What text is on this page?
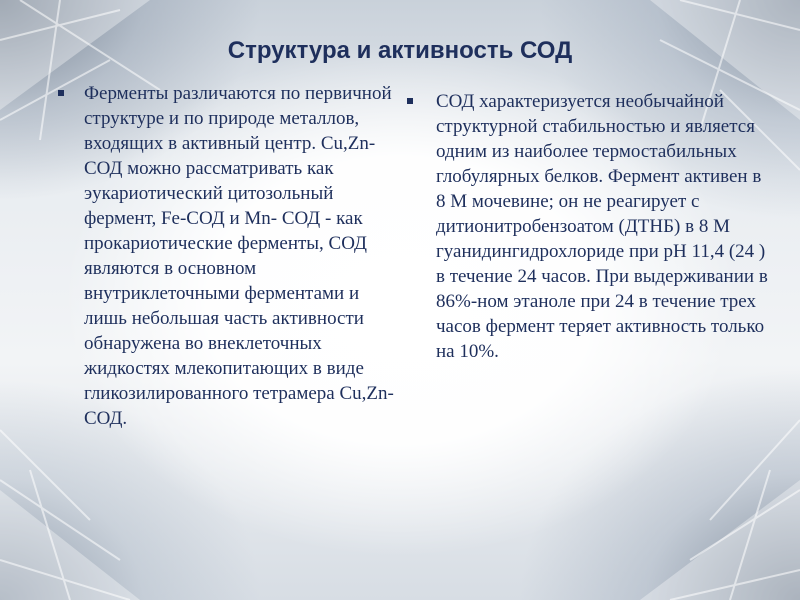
Структура и активность СОД

Ферменты различаются по первичной структуре и по природе металлов, входящих в активный центр. Cu,Zn-СОД можно рассматривать как эукариотический цитозольный фермент, Fe-СОД и Mn- СОД - как прокариотические ферменты, СОД являются в основном внутриклеточными ферментами и лишь небольшая часть активности обнаружена во внеклеточных жидкостях млекопитающих в виде гликозилированного тетрамера Cu,Zn-СОД.

СОД характеризуется необычайной структурной стабильностью и является одним из наиболее термостабильных глобулярных белков. Фермент активен в 8 М мочевине; он не реагирует с дитионитробензоатом (ДТНБ) в 8 М гуанидингидрохлориде при pH 11,4 (24 ) в течение 24 часов. При выдерживании в 86%-ном этаноле при 24 в течение трех часов фермент теряет активность только на 10%.
